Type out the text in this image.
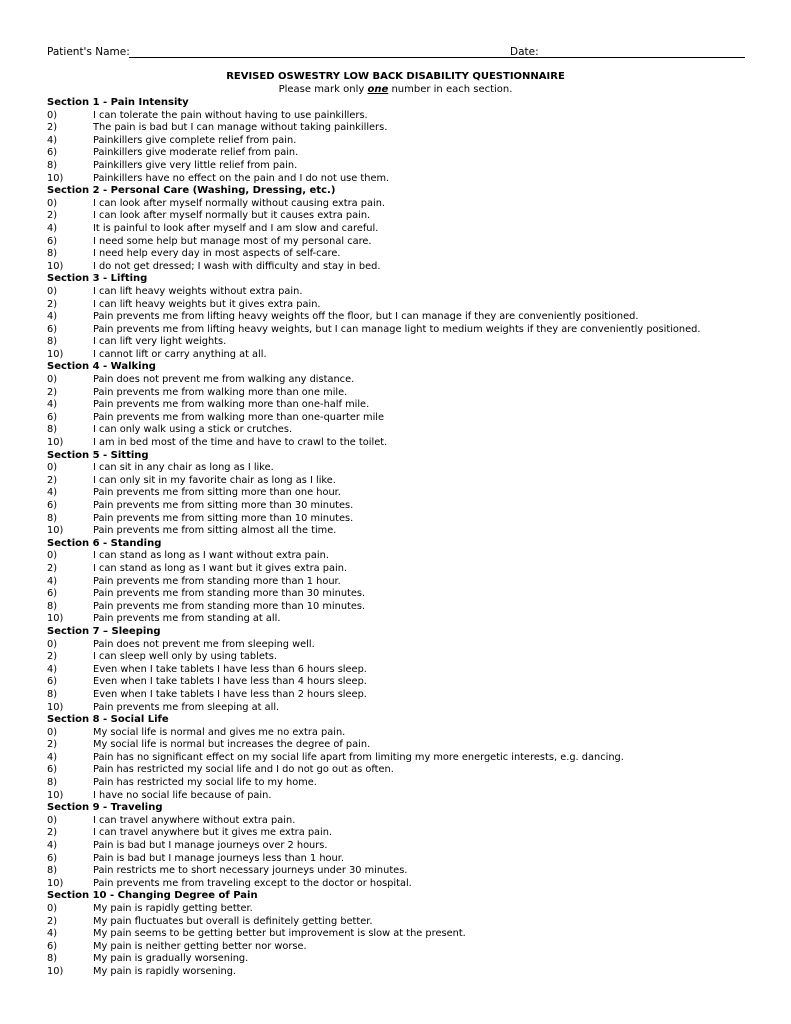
Patient's Name:	Date:
REVISED OSWESTRY LOW BACK DISABILITY QUESTIONNAIRE
Please mark only one number in each section.
Section 1 - Pain Intensity
0)	I can tolerate the pain without having to use painkillers.
2)	The pain is bad but I can manage without taking painkillers.
4)	Painkillers give complete relief from pain.
6)	Painkillers give moderate relief from pain.
8)	Painkillers give very little relief from pain.
10)	Painkillers have no effect on the pain and I do not use them.
Section 2 - Personal Care (Washing, Dressing, etc.)
0)	I can look after myself normally without causing extra pain.
2)	I can look after myself normally but it causes extra pain.
4)	It is painful to look after myself and I am slow and careful.
6)	I need some help but manage most of my personal care.
8)	I need help every day in most aspects of self-care.
10)	I do not get dressed; I wash with difficulty and stay in bed.
Section 3 - Lifting
0)	I can lift heavy weights without extra pain.
2)	I can lift heavy weights but it gives extra pain.
4)	Pain prevents me from lifting heavy weights off the floor, but I can manage if they are conveniently positioned.
6)	Pain prevents me from lifting heavy weights, but I can manage light to medium weights if they are conveniently positioned.
8)	I can lift very light weights.
10)	I cannot lift or carry anything at all.
Section 4 - Walking
0)	Pain does not prevent me from walking any distance.
2)	Pain prevents me from walking more than one mile.
4)	Pain prevents me from walking more than one-half mile.
6)	Pain prevents me from walking more than one-quarter mile
8)	I can only walk using a stick or crutches.
10)	I am in bed most of the time and have to crawl to the toilet.
Section 5 - Sitting
0)	I can sit in any chair as long as I like.
2)	I can only sit in my favorite chair as long as I like.
4)	Pain prevents me from sitting more than one hour.
6)	Pain prevents me from sitting more than 30 minutes.
8)	Pain prevents me from sitting more than 10 minutes.
10)	Pain prevents me from sitting almost all the time.
Section 6 - Standing
0)	I can stand as long as I want without extra pain.
2)	I can stand as long as I want but it gives extra pain.
4)	Pain prevents me from standing more than 1 hour.
6)	Pain prevents me from standing more than 30 minutes.
8)	Pain prevents me from standing more than 10 minutes.
10)	Pain prevents me from standing at all.
Section 7 – Sleeping
0)	Pain does not prevent me from sleeping well.
2)	I can sleep well only by using tablets.
4)	Even when I take tablets I have less than 6 hours sleep.
6)	Even when I take tablets I have less than 4 hours sleep.
8)	Even when I take tablets I have less than 2 hours sleep.
10)	Pain prevents me from sleeping at all.
Section 8 - Social Life
0)	My social life is normal and gives me no extra pain.
2)	My social life is normal but increases the degree of pain.
4)	Pain has no significant effect on my social life apart from limiting my more energetic interests, e.g. dancing.
6)	Pain has restricted my social life and I do not go out as often.
8)	Pain has restricted my social life to my home.
10)	I have no social life because of pain.
Section 9 - Traveling
0)	I can travel anywhere without extra pain.
2)	I can travel anywhere but it gives me extra pain.
4)	Pain is bad but I manage journeys over 2 hours.
6)	Pain is bad but I manage journeys less than 1 hour.
8)	Pain restricts me to short necessary journeys under 30 minutes.
10)	Pain prevents me from traveling except to the doctor or hospital.
Section 10 - Changing Degree of Pain
0)	My pain is rapidly getting better.
2)	My pain fluctuates but overall is definitely getting better.
4)	My pain seems to be getting better but improvement is slow at the present.
6)	My pain is neither getting better nor worse.
8)	My pain is gradually worsening.
10)	My pain is rapidly worsening.
